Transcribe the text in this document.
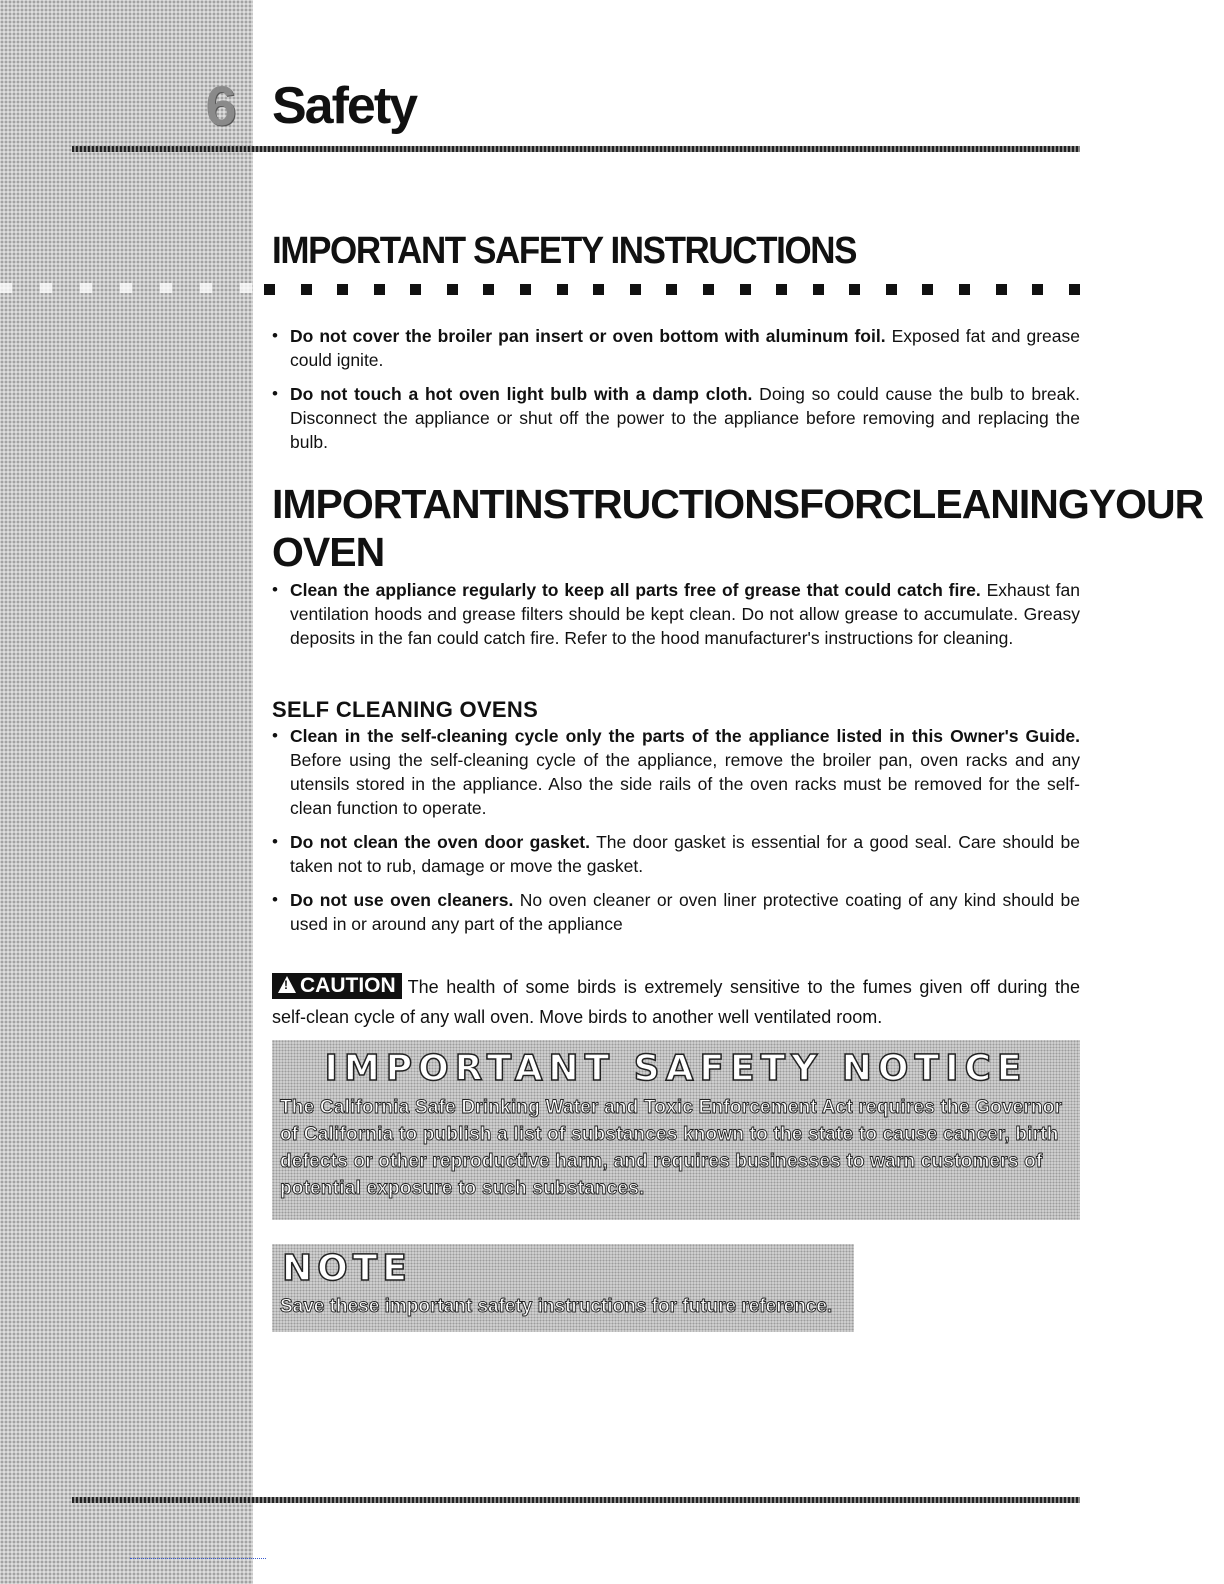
6 Safety
IMPORTANT SAFETY INSTRUCTIONS
• Do not cover the broiler pan insert or oven bottom with aluminum foil. Exposed fat and grease could ignite.
• Do not touch a hot oven light bulb with a damp cloth. Doing so could cause the bulb to break. Disconnect the appliance or shut off the power to the appliance before removing and replacing the bulb.
IMPORTANT INSTRUCTIONS FOR CLEANING YOUR
OVEN
• Clean the appliance regularly to keep all parts free of grease that could catch fire. Exhaust fan ventilation hoods and grease filters should be kept clean. Do not allow grease to accumulate. Greasy deposits in the fan could catch fire. Refer to the hood manufacturer's instructions for cleaning.
SELF CLEANING OVENS
• Clean in the self-cleaning cycle only the parts of the appliance listed in this Owner's Guide. Before using the self-cleaning cycle of the appliance, remove the broiler pan, oven racks and any utensils stored in the appliance. Also the side rails of the oven racks must be removed for the self-clean function to operate.
• Do not clean the oven door gasket. The door gasket is essential for a good seal. Care should be taken not to rub, damage or move the gasket.
• Do not use oven cleaners. No oven cleaner or oven liner protective coating of any kind should be used in or around any part of the appliance

!CAUTION The health of some birds is extremely sensitive to the fumes given off during the self-clean cycle of any wall oven. Move birds to another well ventilated room.

IMPORTANT SAFETY NOTICE

The California Safe Drinking Water and Toxic Enforcement Act requires the Governor of California to publish a list of substances known to the state to cause cancer, birth defects or other reproductive harm, and requires businesses to warn customers of potential exposure to such substances.

NOTE

Save these important safety instructions for future reference.
